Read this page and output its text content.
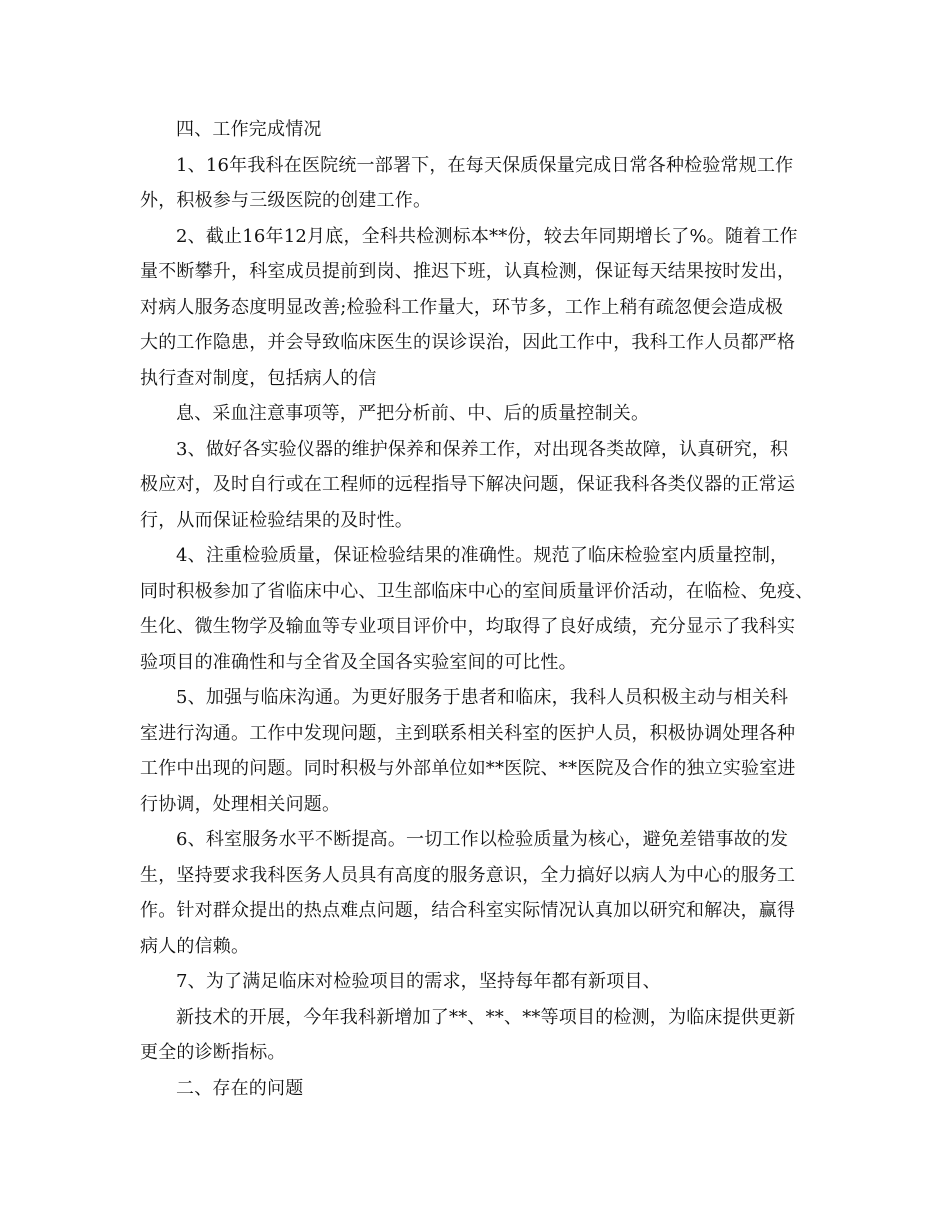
四、工作完成情况
1、16年我科在医院统一部署下，在每天保质保量完成日常各种检验常规工作
外，积极参与三级医院的创建工作。
2、截止16年12月底，全科共检测标本**份，较去年同期增长了%。随着工作
量不断攀升，科室成员提前到岗、推迟下班，认真检测，保证每天结果按时发出，
对病人服务态度明显改善;检验科工作量大，环节多，工作上稍有疏忽便会造成极
大的工作隐患，并会导致临床医生的误诊误治，因此工作中，我科工作人员都严格
执行查对制度，包括病人的信
息、采血注意事项等，严把分析前、中、后的质量控制关。
3、做好各实验仪器的维护保养和保养工作，对出现各类故障，认真研究，积
极应对，及时自行或在工程师的远程指导下解决问题，保证我科各类仪器的正常运
行，从而保证检验结果的及时性。
4、注重检验质量，保证检验结果的准确性。规范了临床检验室内质量控制，
同时积极参加了省临床中心、卫生部临床中心的室间质量评价活动，在临检、免疫、
生化、微生物学及输血等专业项目评价中，均取得了良好成绩，充分显示了我科实
验项目的准确性和与全省及全国各实验室间的可比性。
5、加强与临床沟通。为更好服务于患者和临床，我科人员积极主动与相关科
室进行沟通。工作中发现问题，主到联系相关科室的医护人员，积极协调处理各种
工作中出现的问题。同时积极与外部单位如**医院、**医院及合作的独立实验室进
行协调，处理相关问题。
6、科室服务水平不断提高。一切工作以检验质量为核心，避免差错事故的发
生，坚持要求我科医务人员具有高度的服务意识，全力搞好以病人为中心的服务工
作。针对群众提出的热点难点问题，结合科室实际情况认真加以研究和解决，赢得
病人的信赖。
7、为了满足临床对检验项目的需求，坚持每年都有新项目、
新技术的开展，今年我科新增加了**、**、**等项目的检测，为临床提供更新
更全的诊断指标。
二、存在的问题
